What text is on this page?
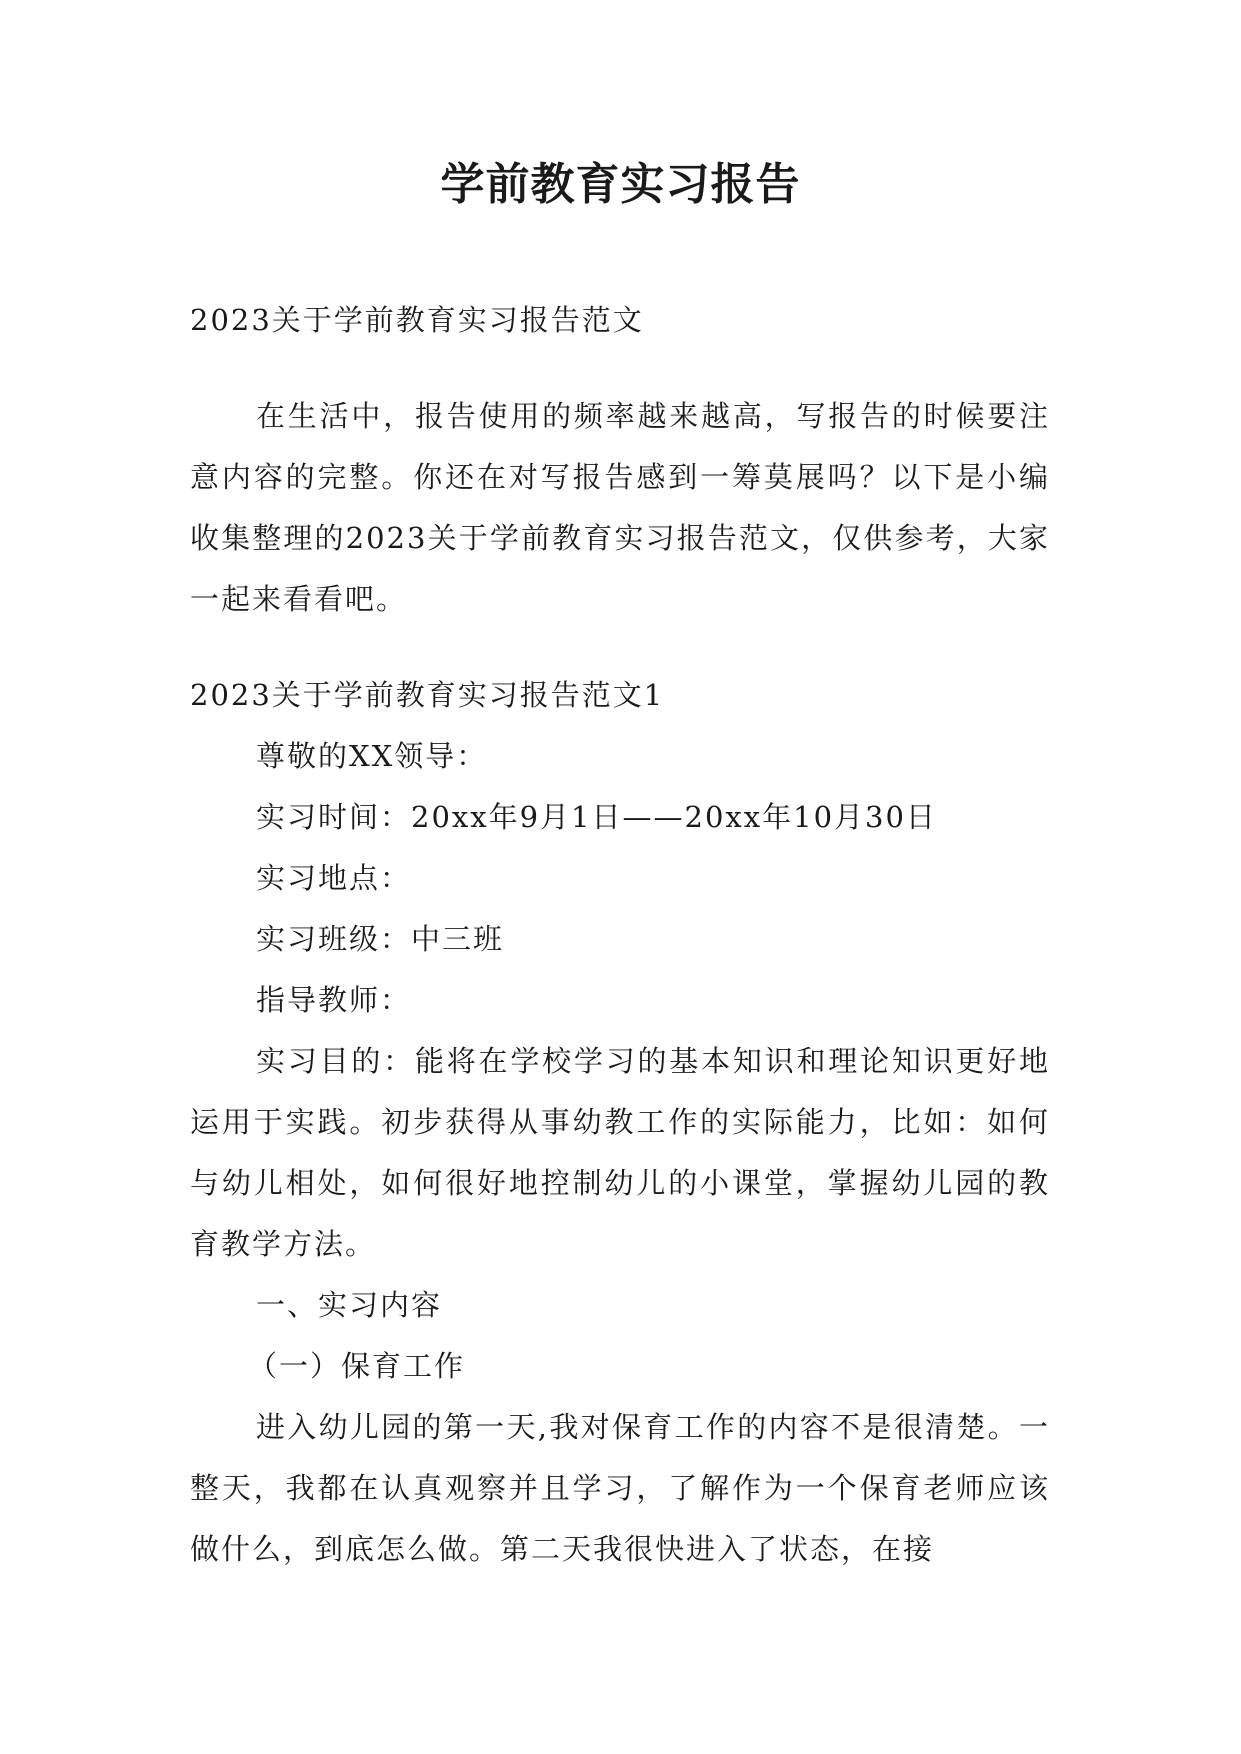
学前教育实习报告

2023关于学前教育实习报告范文

在生活中，报告使用的频率越来越高，写报告的时候要注意内容的完整。你还在对写报告感到一筹莫展吗？以下是小编收集整理的2023关于学前教育实习报告范文，仅供参考，大家一起来看看吧。

2023关于学前教育实习报告范文1

尊敬的XX领导：

实习时间：20xx年9月1日——20xx年10月30日

实习地点：

实习班级：中三班

指导教师：

实习目的：能将在学校学习的基本知识和理论知识更好地运用于实践。初步获得从事幼教工作的实际能力，比如：如何与幼儿相处，如何很好地控制幼儿的小课堂，掌握幼儿园的教育教学方法。

一、实习内容

（一）保育工作

进入幼儿园的第一天,我对保育工作的内容不是很清楚。一整天，我都在认真观察并且学习，了解作为一个保育老师应该做什么，到底怎么做。第二天我很快进入了状态，在接
